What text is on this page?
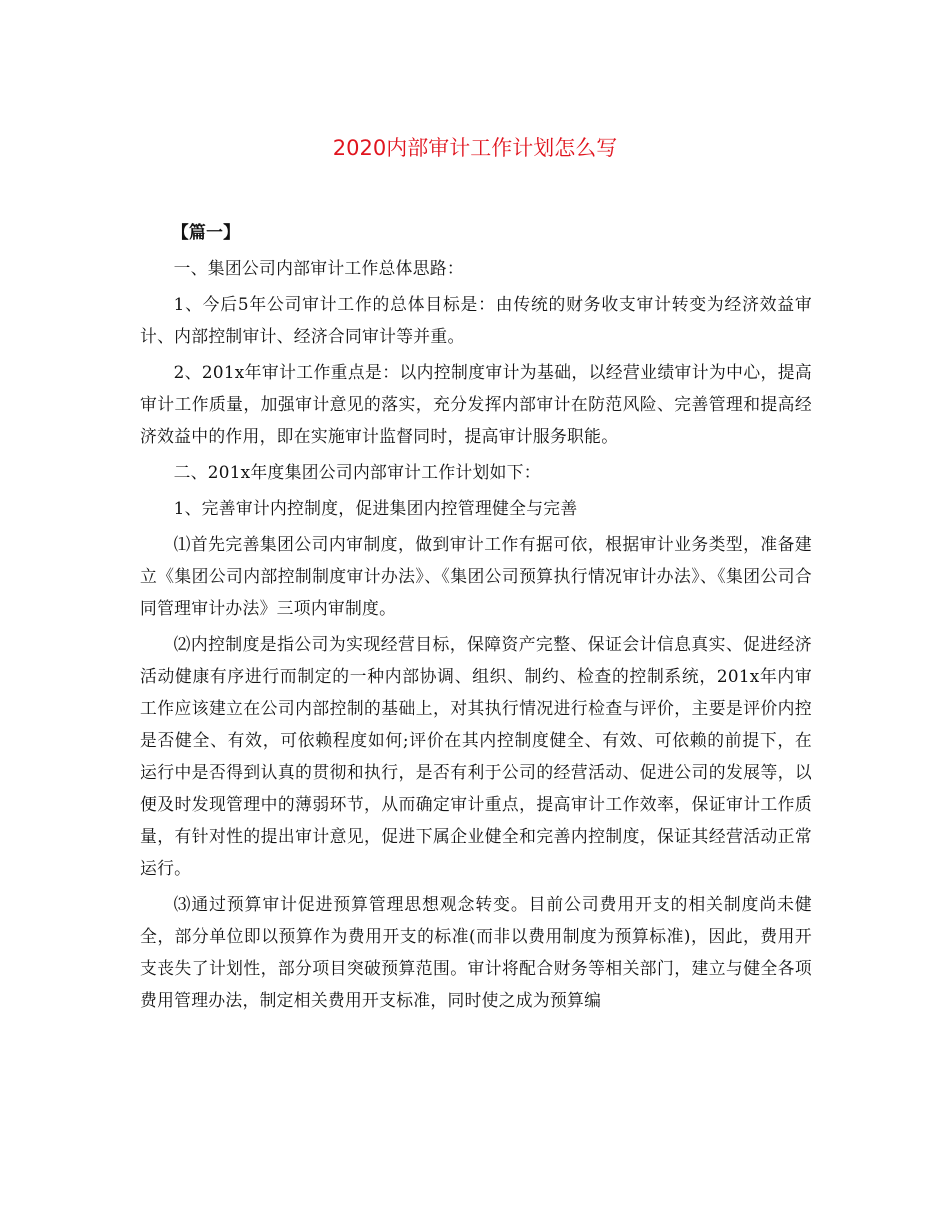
2020内部审计工作计划怎么写

【篇一】

一、集团公司内部审计工作总体思路：

1、今后5年公司审计工作的总体目标是：由传统的财务收支审计转变为经济效益审计、内部控制审计、经济合同审计等并重。

2、201x年审计工作重点是：以内控制度审计为基础，以经营业绩审计为中心，提高审计工作质量，加强审计意见的落实，充分发挥内部审计在防范风险、完善管理和提高经济效益中的作用，即在实施审计监督同时，提高审计服务职能。

二、201x年度集团公司内部审计工作计划如下：

1、完善审计内控制度，促进集团内控管理健全与完善

⑴首先完善集团公司内审制度，做到审计工作有据可依，根据审计业务类型，准备建立《集团公司内部控制制度审计办法》、《集团公司预算执行情况审计办法》、《集团公司合同管理审计办法》三项内审制度。

⑵内控制度是指公司为实现经营目标，保障资产完整、保证会计信息真实、促进经济活动健康有序进行而制定的一种内部协调、组织、制约、检查的控制系统，201x年内审工作应该建立在公司内部控制的基础上，对其执行情况进行检查与评价，主要是评价内控是否健全、有效，可依赖程度如何;评价在其内控制度健全、有效、可依赖的前提下，在运行中是否得到认真的贯彻和执行，是否有利于公司的经营活动、促进公司的发展等，以便及时发现管理中的薄弱环节，从而确定审计重点，提高审计工作效率，保证审计工作质量，有针对性的提出审计意见，促进下属企业健全和完善内控制度，保证其经营活动正常运行。

⑶通过预算审计促进预算管理思想观念转变。目前公司费用开支的相关制度尚未健全，部分单位即以预算作为费用开支的标准(而非以费用制度为预算标准)，因此，费用开支丧失了计划性，部分项目突破预算范围。审计将配合财务等相关部门，建立与健全各项费用管理办法，制定相关费用开支标准，同时使之成为预算编
